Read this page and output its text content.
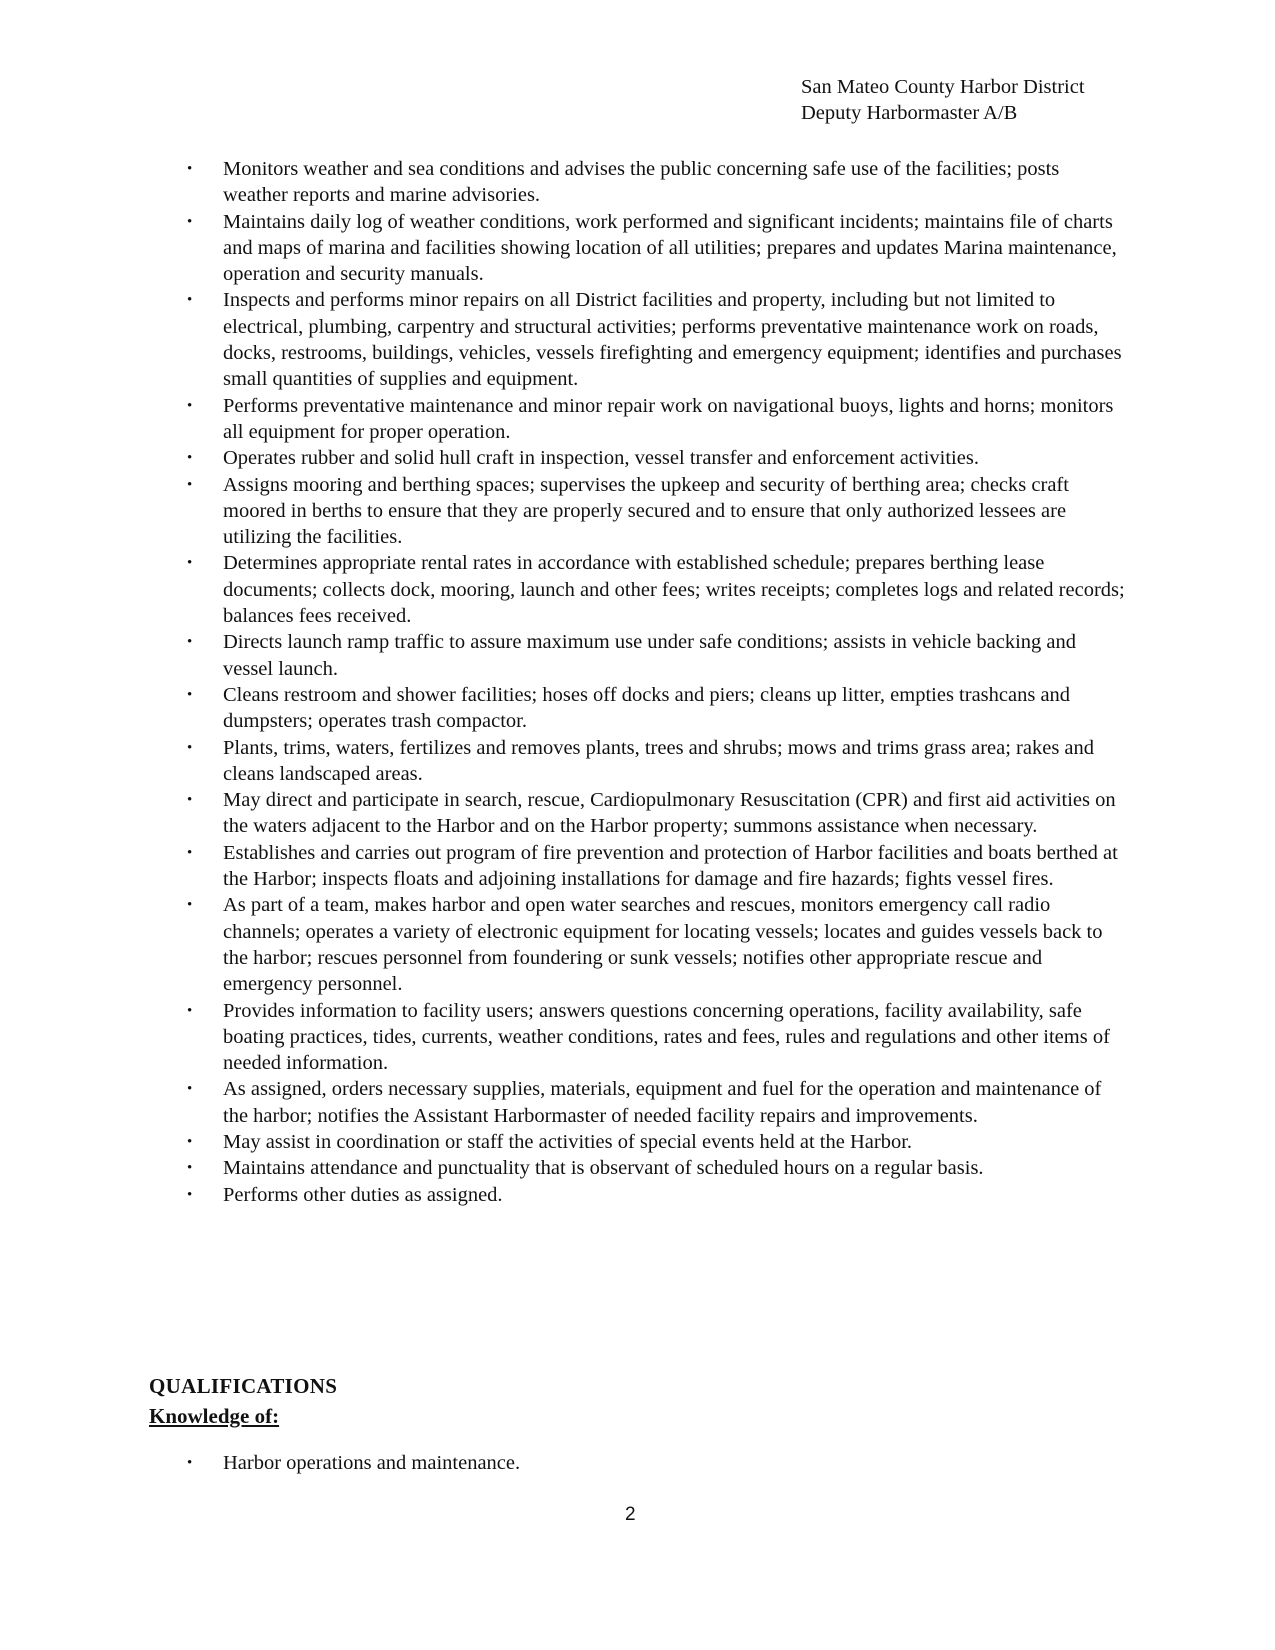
San Mateo County Harbor District
Deputy Harbormaster A/B
•	Monitors weather and sea conditions and advises the public concerning safe use of the facilities; posts weather reports and marine advisories.
•	Maintains daily log of weather conditions, work performed and significant incidents; maintains file of charts and maps of marina and facilities showing location of all utilities; prepares and updates Marina maintenance, operation and security manuals.
•	Inspects and performs minor repairs on all District facilities and property, including but not limited to electrical, plumbing, carpentry and structural activities; performs preventative maintenance work on roads, docks, restrooms, buildings, vehicles, vessels firefighting and emergency equipment; identifies and purchases small quantities of supplies and equipment.
•	Performs preventative maintenance and minor repair work on navigational buoys, lights and horns; monitors all equipment for proper operation.
•	Operates rubber and solid hull craft in inspection, vessel transfer and enforcement activities.
•	Assigns mooring and berthing spaces; supervises the upkeep and security of berthing area; checks craft moored in berths to ensure that they are properly secured and to ensure that only authorized lessees are utilizing the facilities.
•	Determines appropriate rental rates in accordance with established schedule; prepares berthing lease documents; collects dock, mooring, launch and other fees; writes receipts; completes logs and related records; balances fees received.
•	Directs launch ramp traffic to assure maximum use under safe conditions; assists in vehicle backing and vessel launch.
•	Cleans restroom and shower facilities; hoses off docks and piers; cleans up litter, empties trashcans and dumpsters; operates trash compactor.
•	Plants, trims, waters, fertilizes and removes plants, trees and shrubs; mows and trims grass area; rakes and cleans landscaped areas.
•	May direct and participate in search, rescue, Cardiopulmonary Resuscitation (CPR) and first aid activities on the waters adjacent to the Harbor and on the Harbor property; summons assistance when necessary.
•	Establishes and carries out program of fire prevention and protection of Harbor facilities and boats berthed at the Harbor; inspects floats and adjoining installations for damage and fire hazards; fights vessel fires.
•	As part of a team, makes harbor and open water searches and rescues, monitors emergency call radio channels; operates a variety of electronic equipment for locating vessels; locates and guides vessels back to the harbor; rescues personnel from foundering or sunk vessels; notifies other appropriate rescue and emergency personnel.
•	Provides information to facility users; answers questions concerning operations, facility availability, safe boating practices, tides, currents, weather conditions, rates and fees, rules and regulations and other items of needed information.
•	As assigned, orders necessary supplies, materials, equipment and fuel for the operation and maintenance of the harbor; notifies the Assistant Harbormaster of needed facility repairs and improvements.
•	May assist in coordination or staff the activities of special events held at the Harbor.
•	Maintains attendance and punctuality that is observant of scheduled hours on a regular basis.
•	Performs other duties as assigned.
QUALIFICATIONS
Knowledge of:
• Harbor operations and maintenance.
2
